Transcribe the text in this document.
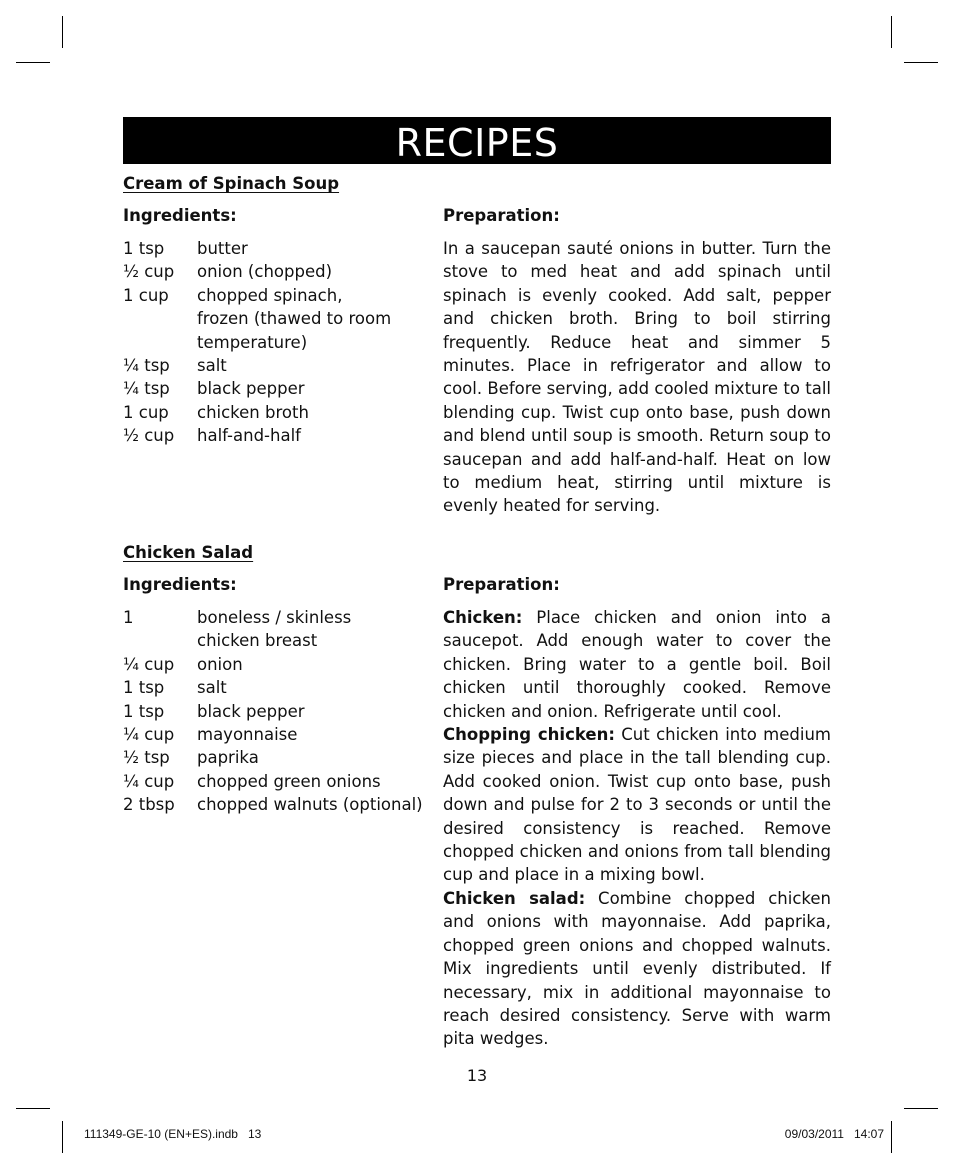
RECIPES
Cream of Spinach Soup
Ingredients:	Preparation:
1 tsp	butter
½ cup	onion (chopped)
1 cup	chopped spinach,
frozen (thawed to room
temperature)
¼ tsp	salt
¼ tsp	black pepper
1 cup	chicken broth
½ cup	half-and-half

In a saucepan sauté onions in butter. Turn the stove to med heat and add spinach until spinach is evenly cooked. Add salt, pepper and chicken broth. Bring to boil stirring frequently. Reduce heat and simmer 5 minutes. Place in refrigerator and allow to cool. Before serving, add cooled mixture to tall blending cup. Twist cup onto base, push down and blend until soup is smooth. Return soup to saucepan and add half-and-half. Heat on low to medium heat, stirring until mixture is evenly heated for serving.

Chicken Salad
Ingredients:	Preparation:
1	boneless / skinless
chicken breast
¼ cup	onion
1 tsp	salt
1 tsp	black pepper
¼ cup	mayonnaise
½ tsp	paprika
¼ cup	chopped green onions
2 tbsp	chopped walnuts (optional)

Chicken: Place chicken and onion into a saucepot. Add enough water to cover the chicken. Bring water to a gentle boil. Boil chicken until thoroughly cooked. Remove chicken and onion. Refrigerate until cool.

Chopping chicken: Cut chicken into medium size pieces and place in the tall blending cup. Add cooked onion. Twist cup onto base, push down and pulse for 2 to 3 seconds or until the desired consistency is reached. Remove chopped chicken and onions from tall blending cup and place in a mixing bowl.

Chicken salad: Combine chopped chicken and onions with mayonnaise. Add paprika, chopped green onions and chopped walnuts. Mix ingredients until evenly distributed. If necessary, mix in additional mayonnaise to reach desired consistency. Serve with warm pita wedges.

13
111349-GE-10 (EN+ES).indb   13	09/03/2011   14:07
